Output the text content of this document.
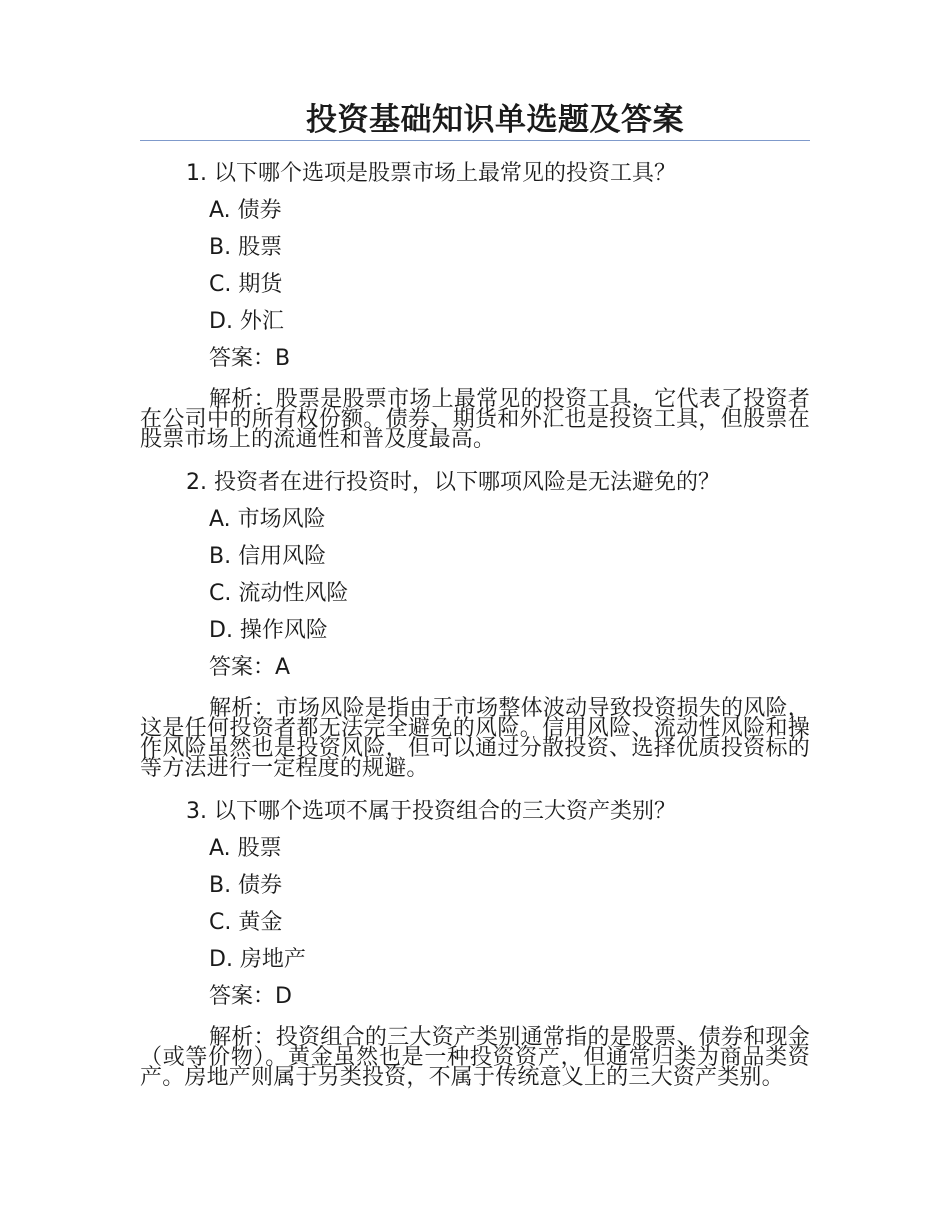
投资基础知识单选题及答案
1. 以下哪个选项是股票市场上最常见的投资工具？
A. 债券
B. 股票
C. 期货
D. 外汇
答案：B
解析：股票是股票市场上最常见的投资工具，它代表了投资者在公司中的所有权份额。债券、期货和外汇也是投资工具，但股票在股票市场上的流通性和普及度最高。
2. 投资者在进行投资时，以下哪项风险是无法避免的？
A. 市场风险
B. 信用风险
C. 流动性风险
D. 操作风险
答案：A
解析：市场风险是指由于市场整体波动导致投资损失的风险，这是任何投资者都无法完全避免的风险。信用风险、流动性风险和操作风险虽然也是投资风险，但可以通过分散投资、选择优质投资标的等方法进行一定程度的规避。
3. 以下哪个选项不属于投资组合的三大资产类别？
A. 股票
B. 债券
C. 黄金
D. 房地产
答案：D
解析：投资组合的三大资产类别通常指的是股票、债券和现金（或等价物）。黄金虽然也是一种投资资产，但通常归类为商品类资产。房地产则属于另类投资，不属于传统意义上的三大资产类别。
